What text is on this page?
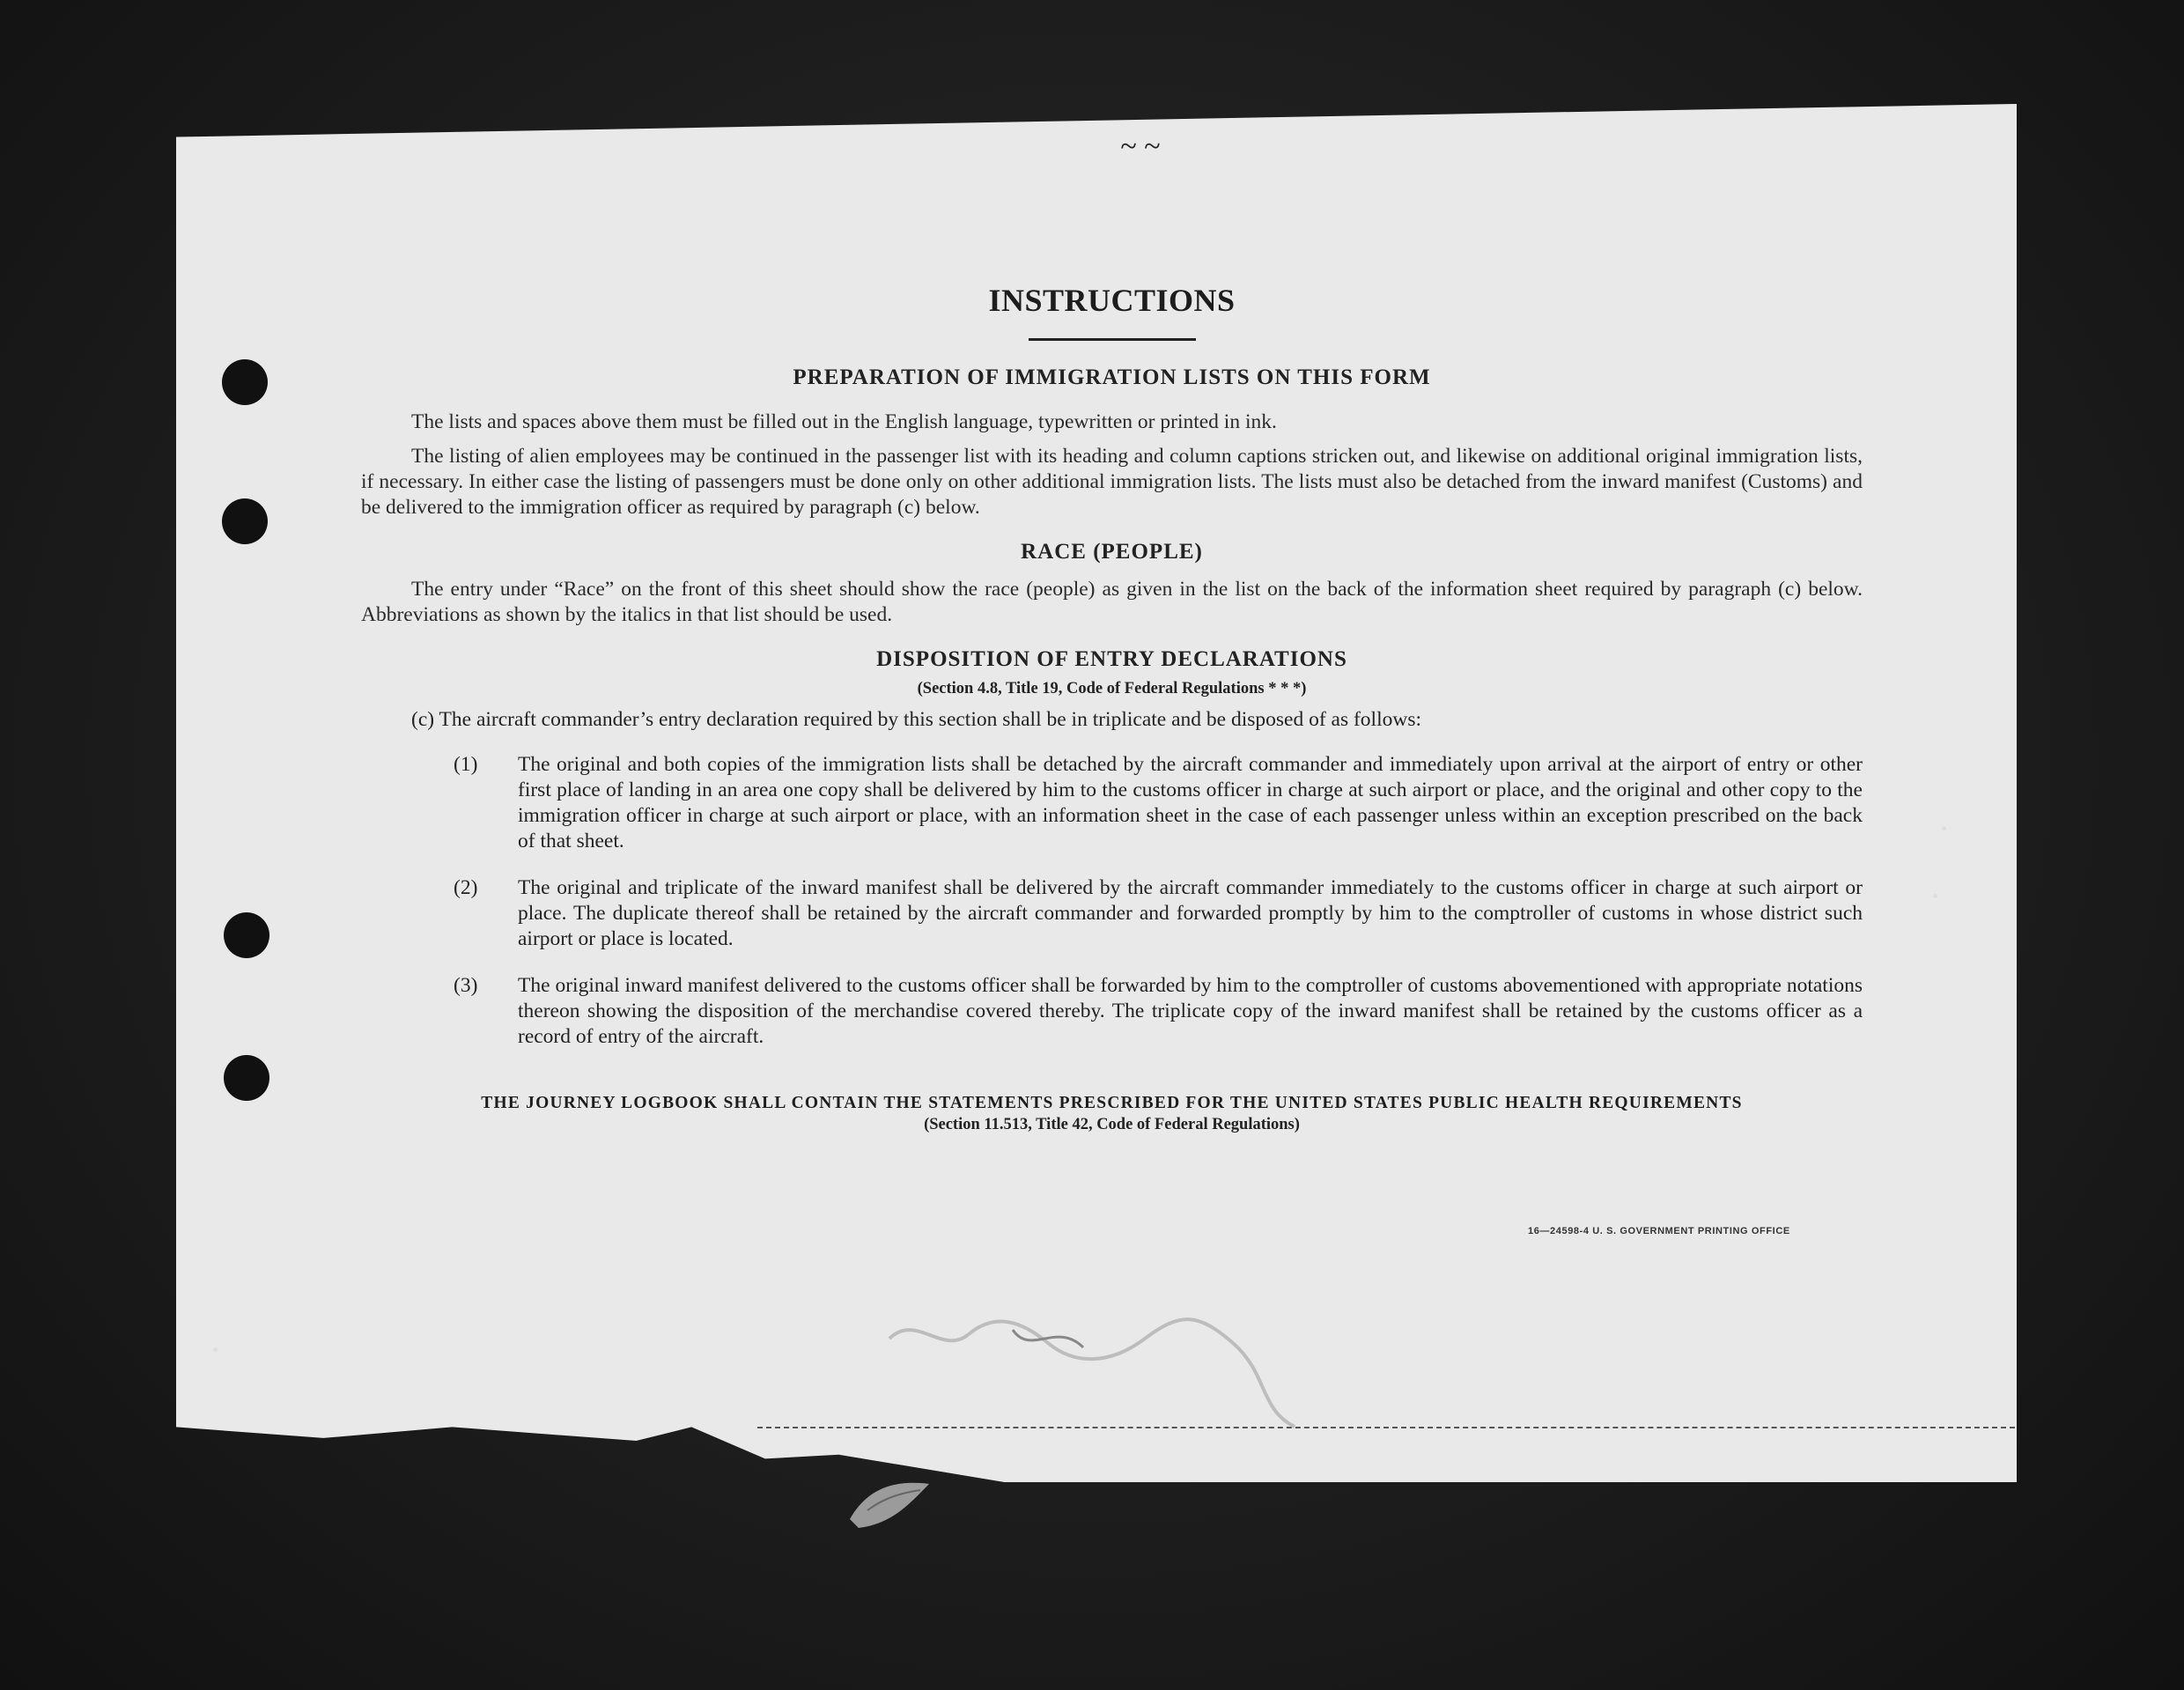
~ ~
INSTRUCTIONS
PREPARATION OF IMMIGRATION LISTS ON THIS FORM

The lists and spaces above them must be filled out in the English language, typewritten or printed in ink.

The listing of alien employees may be continued in the passenger list with its heading and column captions stricken out, and likewise on additional original immigration lists, if necessary. In either case the listing of passengers must be done only on other additional immigration lists. The lists must also be detached from the inward manifest (Customs) and be delivered to the immigration officer as required by paragraph (c) below.

RACE (PEOPLE)

The entry under “Race” on the front of this sheet should show the race (people) as given in the list on the back of the information sheet required by paragraph (c) below. Abbreviations as shown by the italics in that list should be used.

DISPOSITION OF ENTRY DECLARATIONS
(Section 4.8, Title 19, Code of Federal Regulations * * *)
(c) The aircraft commander’s entry declaration required by this section shall be in triplicate and be disposed of as follows:
(1) The original and both copies of the immigration lists shall be detached by the aircraft commander and immediately upon arrival at the airport of entry or other first place of landing in an area one copy shall be delivered by him to the customs officer in charge at such airport or place, and the original and other copy to the immigration officer in charge at such airport or place, with an information sheet in the case of each passenger unless within an exception prescribed on the back of that sheet.
(2) The original and triplicate of the inward manifest shall be delivered by the aircraft commander immediately to the customs officer in charge at such airport or place. The duplicate thereof shall be retained by the aircraft commander and forwarded promptly by him to the comptroller of customs in whose district such airport or place is located.
(3) The original inward manifest delivered to the customs officer shall be forwarded by him to the comptroller of customs abovementioned with appropriate notations thereon showing the disposition of the merchandise covered thereby. The triplicate copy of the inward manifest shall be retained by the customs officer as a record of entry of the aircraft.
THE JOURNEY LOGBOOK SHALL CONTAIN THE STATEMENTS PRESCRIBED FOR THE UNITED STATES PUBLIC HEALTH REQUIREMENTS
(Section 11.513, Title 42, Code of Federal Regulations)
16—24598-4 U. S. GOVERNMENT PRINTING OFFICE
